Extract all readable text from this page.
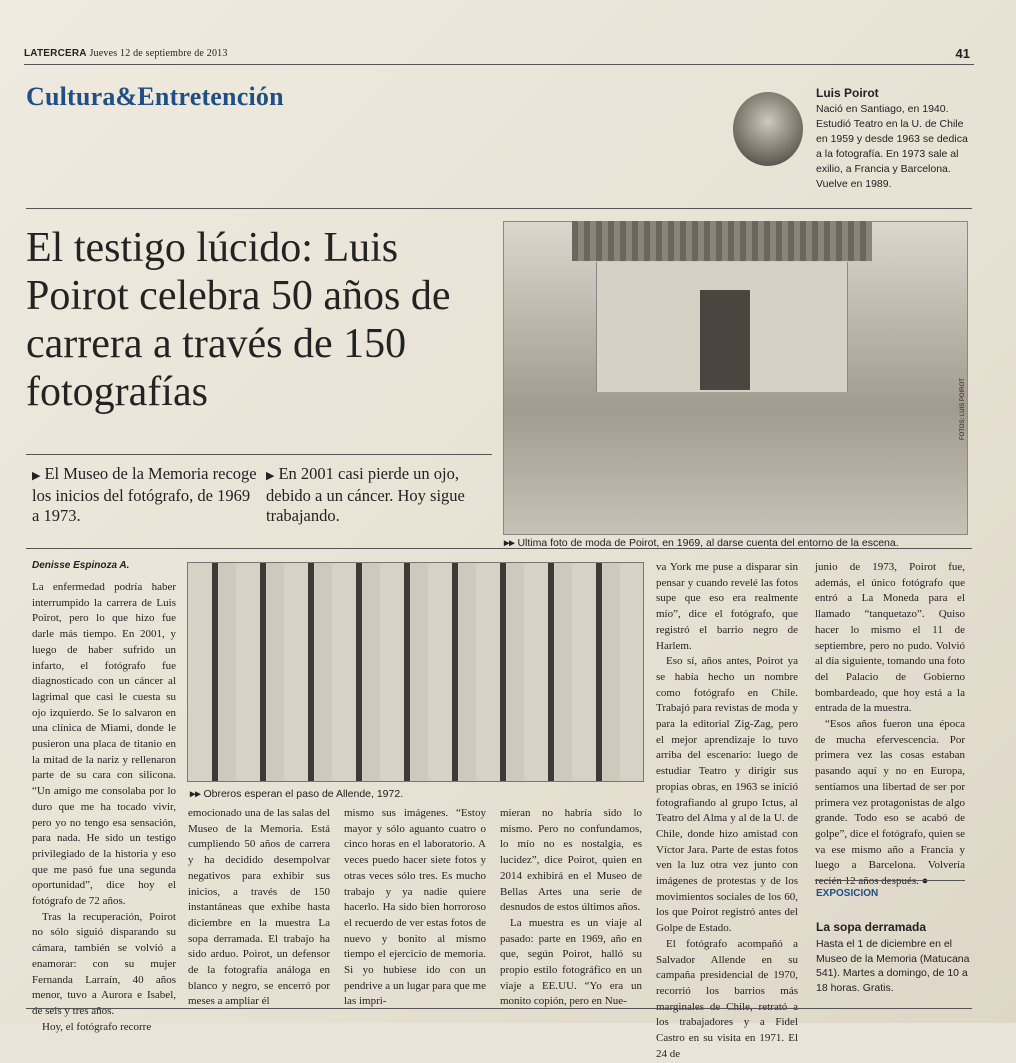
LATERCERA Jueves 12 de septiembre de 2013	41
Cultura&Entretención	Luis Poirot
Nació en Santiago, en 1940. Estudió Teatro en la U. de Chile en 1959 y desde 1963 se dedica a la fotografía. En 1973 sale al exilio, a Francia y Barcelona. Vuelve en 1989.
El testigo lúcido: Luis Poirot celebra 50 años de carrera a través de 150 fotografías	FOTOS: LUIS POIROT
▸▸ Ultima foto de moda de Poirot, en 1969, al darse cuenta del entorno de la escena.
▶ El Museo de la Memoria recoge los inicios del fotógrafo, de 1969 a 1973.
▶ En 2001 casi pierde un ojo, debido a un cáncer. Hoy sigue trabajando.
Denisse Espinoza A.

La enfermedad podría haber interrumpido la carrera de Luis Poirot, pero lo que hizo fue darle más tiempo. En 2001, y luego de haber sufrido un infarto, el fotógrafo fue diagnosticado con un cáncer al lagrimal que casi le cuesta su ojo izquierdo. Se lo salvaron en una clínica de Miami, donde le pusieron una placa de titanio en la mitad de la nariz y rellenaron parte de su cara con silicona. “Un amigo me consolaba por lo duro que me ha tocado vivir, pero yo no tengo esa sensación, para nada. He sido un testigo privilegiado de la historia y eso que me pasó fue una segunda oportunidad”, dice hoy el fotógrafo de 72 años.

Tras la recuperación, Poirot no sólo siguió disparando su cámara, también se volvió a enamorar: con su mujer Fernanda Larraín, 40 años menor, tuvo a Aurora e Isabel, de seis y tres años.

Hoy, el fotógrafo recorre

▸▸ Obreros esperan el paso de Allende, 1972.
emocionado una de las salas del Museo de la Memoria. Está cumpliendo 50 años de carrera y ha decidido desempolvar negativos para exhibir sus inicios, a través de 150 instantáneas que exhibe hasta diciembre en la muestra La sopa derramada. El trabajo ha sido arduo. Poirot, un defensor de la fotografía análoga en blanco y negro, se encerró por meses a ampliar él
mismo sus imágenes. “Estoy mayor y sólo aguanto cuatro o cinco horas en el laboratorio. A veces puedo hacer siete fotos y otras veces sólo tres. Es mucho trabajo y ya nadie quiere hacerlo. Ha sido bien horroroso el recuerdo de ver estas fotos de nuevo y bonito al mismo tiempo el ejercicio de memoria. Si yo hubiese ido con un pendrive a un lugar para que me las impri-

mieran no habría sido lo mismo. Pero no confundamos, lo mío no es nostalgia, es lucidez”, dice Poirot, quien en 2014 exhibirá en el Museo de Bellas Artes una serie de desnudos de estos últimos años.

La muestra es un viaje al pasado: parte en 1969, año en que, según Poirot, halló su propio estilo fotográfico en un viaje a EE.UU. “Yo era un monito copión, pero en Nue-

va York me puse a disparar sin pensar y cuando revelé las fotos supe que eso era realmente mío”, dice el fotógrafo, que registró el barrio negro de Harlem.

Eso sí, años antes, Poirot ya se había hecho un nombre como fotógrafo en Chile. Trabajó para revistas de moda y para la editorial Zig-Zag, pero el mejor aprendizaje lo tuvo arriba del escenario: luego de estudiar Teatro y dirigir sus propias obras, en 1963 se inició fotografiando al grupo Ictus, al Teatro del Alma y al de la U. de Chile, donde hizo amistad con Víctor Jara. Parte de estas fotos ven la luz otra vez junto con imágenes de protestas y de los movimientos sociales de los 60, los que Poirot registró antes del Golpe de Estado.

El fotógrafo acompañó a Salvador Allende en su campaña presidencial de 1970, recorrió los barrios más marginales de Chile, retrató a los trabajadores y a Fidel Castro en su visita en 1971. El 24 de

junio de 1973, Poirot fue, además, el único fotógrafo que entró a La Moneda para el llamado “tanquetazo”. Quiso hacer lo mismo el 11 de septiembre, pero no pudo. Volvió al día siguiente, tomando una foto del Palacio de Gobierno bombardeado, que hoy está a la entrada de la muestra.

“Esos años fueron una época de mucha efervescencia. Por primera vez las cosas estaban pasando aquí y no en Europa, sentíamos una libertad de ser por primera vez protagonistas de algo grande. Todo eso se acabó de golpe”, dice el fotógrafo, quien se va ese mismo año a Francia y luego a Barcelona. Volvería recién 12 años después. ●

EXPOSICION
La sopa derramada
Hasta el 1 de diciembre en el Museo de la Memoria (Matucana 541). Martes a domingo, de 10 a 18 horas. Gratis.
